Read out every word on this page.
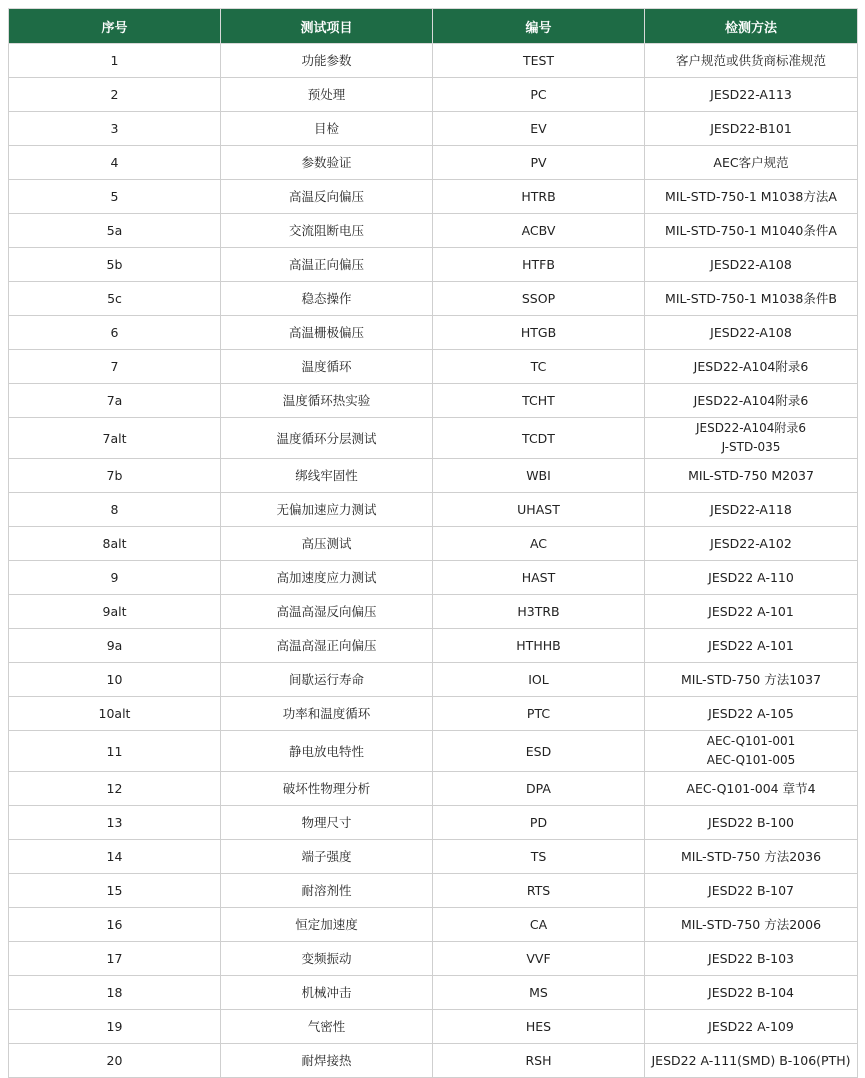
序号	测试项目	编号	检测方法
1	功能参数	TEST	客户规范或供货商标准规范

2	预处理	PC	JESD22-A113

3	目检	EV	JESD22-B101

4	参数验证	PV	AEC客户规范

5	高温反向偏压	HTRB	MIL-STD-750-1 M1038方法A

5a	交流阻断电压	ACBV	MIL-STD-750-1 M1040条件A

5b	高温正向偏压	HTFB	JESD22-A108

5c	稳态操作	SSOP	MIL-STD-750-1 M1038条件B

6	高温栅极偏压	HTGB	JESD22-A108

7	温度循环	TC	JESD22-A104附录6

7a	温度循环热实验	TCHT	JESD22-A104附录6

7alt	温度循环分层测试	TCDT	JESD22-A104附录6
J-STD-035

7b	绑线牢固性	WBI	MIL-STD-750 M2037

8	无偏加速应力测试	UHAST	JESD22-A118

8alt	高压测试	AC	JESD22-A102

9	高加速度应力测试	HAST	JESD22 A-110

9alt	高温高湿反向偏压	H3TRB	JESD22 A-101

9a	高温高湿正向偏压	HTHHB	JESD22 A-101

10	间歇运行寿命	IOL	MIL-STD-750 方法1037

10alt	功率和温度循环	PTC	JESD22 A-105

11	静电放电特性	ESD	AEC-Q101-001
AEC-Q101-005

12	破坏性物理分析	DPA	AEC-Q101-004 章节4

13	物理尺寸	PD	JESD22 B-100

14	端子强度	TS	MIL-STD-750 方法2036

15	耐溶剂性	RTS	JESD22 B-107

16	恒定加速度	CA	MIL-STD-750 方法2006

17	变频振动	VVF	JESD22 B-103

18	机械冲击	MS	JESD22 B-104

19	气密性	HES	JESD22 A-109

20	耐焊接热	RSH	JESD22 A-111(SMD) B-106(PTH)
